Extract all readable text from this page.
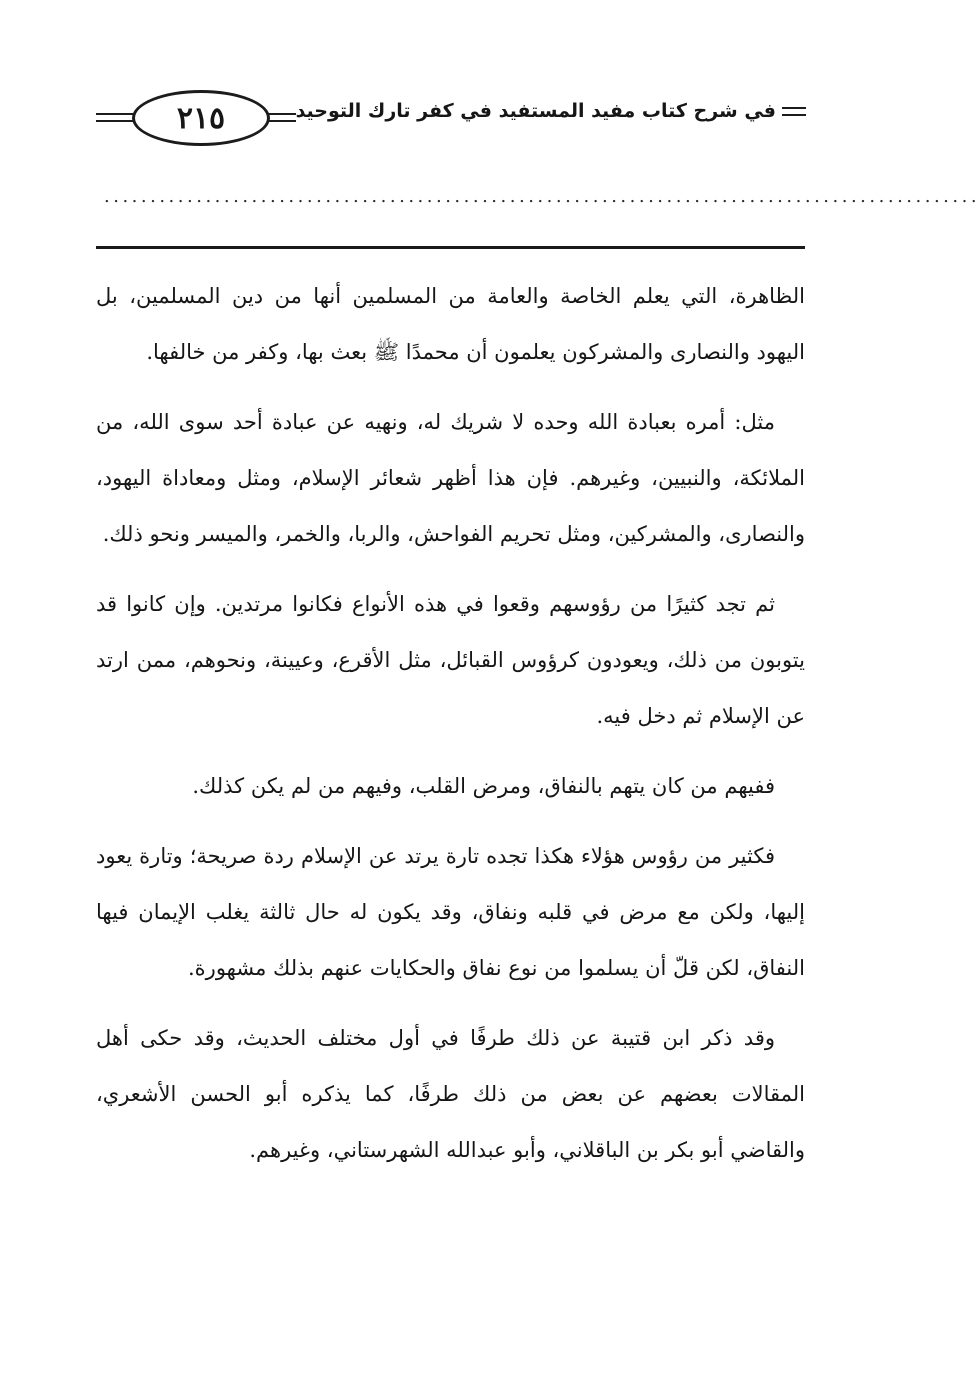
٢١٥	في شرح كتاب مفيد المستفيد في كفر تارك التوحيد
...............................................................................................

الظاهرة، التي يعلم الخاصة والعامة من المسلمين أنها من دين المسلمين، بل اليهود والنصارى والمشركون يعلمون أن محمدًا ﷺ بعث بها، وكفر من خالفها.

مثل: أمره بعبادة الله وحده لا شريك له، ونهيه عن عبادة أحد سوى الله، من الملائكة، والنبيين، وغيرهم. فإن هذا أظهر شعائر الإسلام، ومثل ومعاداة اليهود، والنصارى، والمشركين، ومثل تحريم الفواحش، والربا، والخمر، والميسر ونحو ذلك.

ثم تجد كثيرًا من رؤوسهم وقعوا في هذه الأنواع فكانوا مرتدين. وإن كانوا قد يتوبون من ذلك، ويعودون كرؤوس القبائل، مثل الأقرع، وعيينة، ونحوهم، ممن ارتد عن الإسلام ثم دخل فيه.

ففيهم من كان يتهم بالنفاق، ومرض القلب، وفيهم من لم يكن كذلك.

فكثير من رؤوس هؤلاء هكذا تجده تارة يرتد عن الإسلام ردة صريحة؛ وتارة يعود إليها، ولكن مع مرض في قلبه ونفاق، وقد يكون له حال ثالثة يغلب الإيمان فيها النفاق، لكن قلّ أن يسلموا من نوع نفاق والحكايات عنهم بذلك مشهورة.

وقد ذكر ابن قتيبة عن ذلك طرفًا في أول مختلف الحديث، وقد حكى أهل المقالات بعضهم عن بعض من ذلك طرفًا، كما يذكره أبو الحسن الأشعري، والقاضي أبو بكر بن الباقلاني، وأبو عبدالله الشهرستاني، وغيرهم.
